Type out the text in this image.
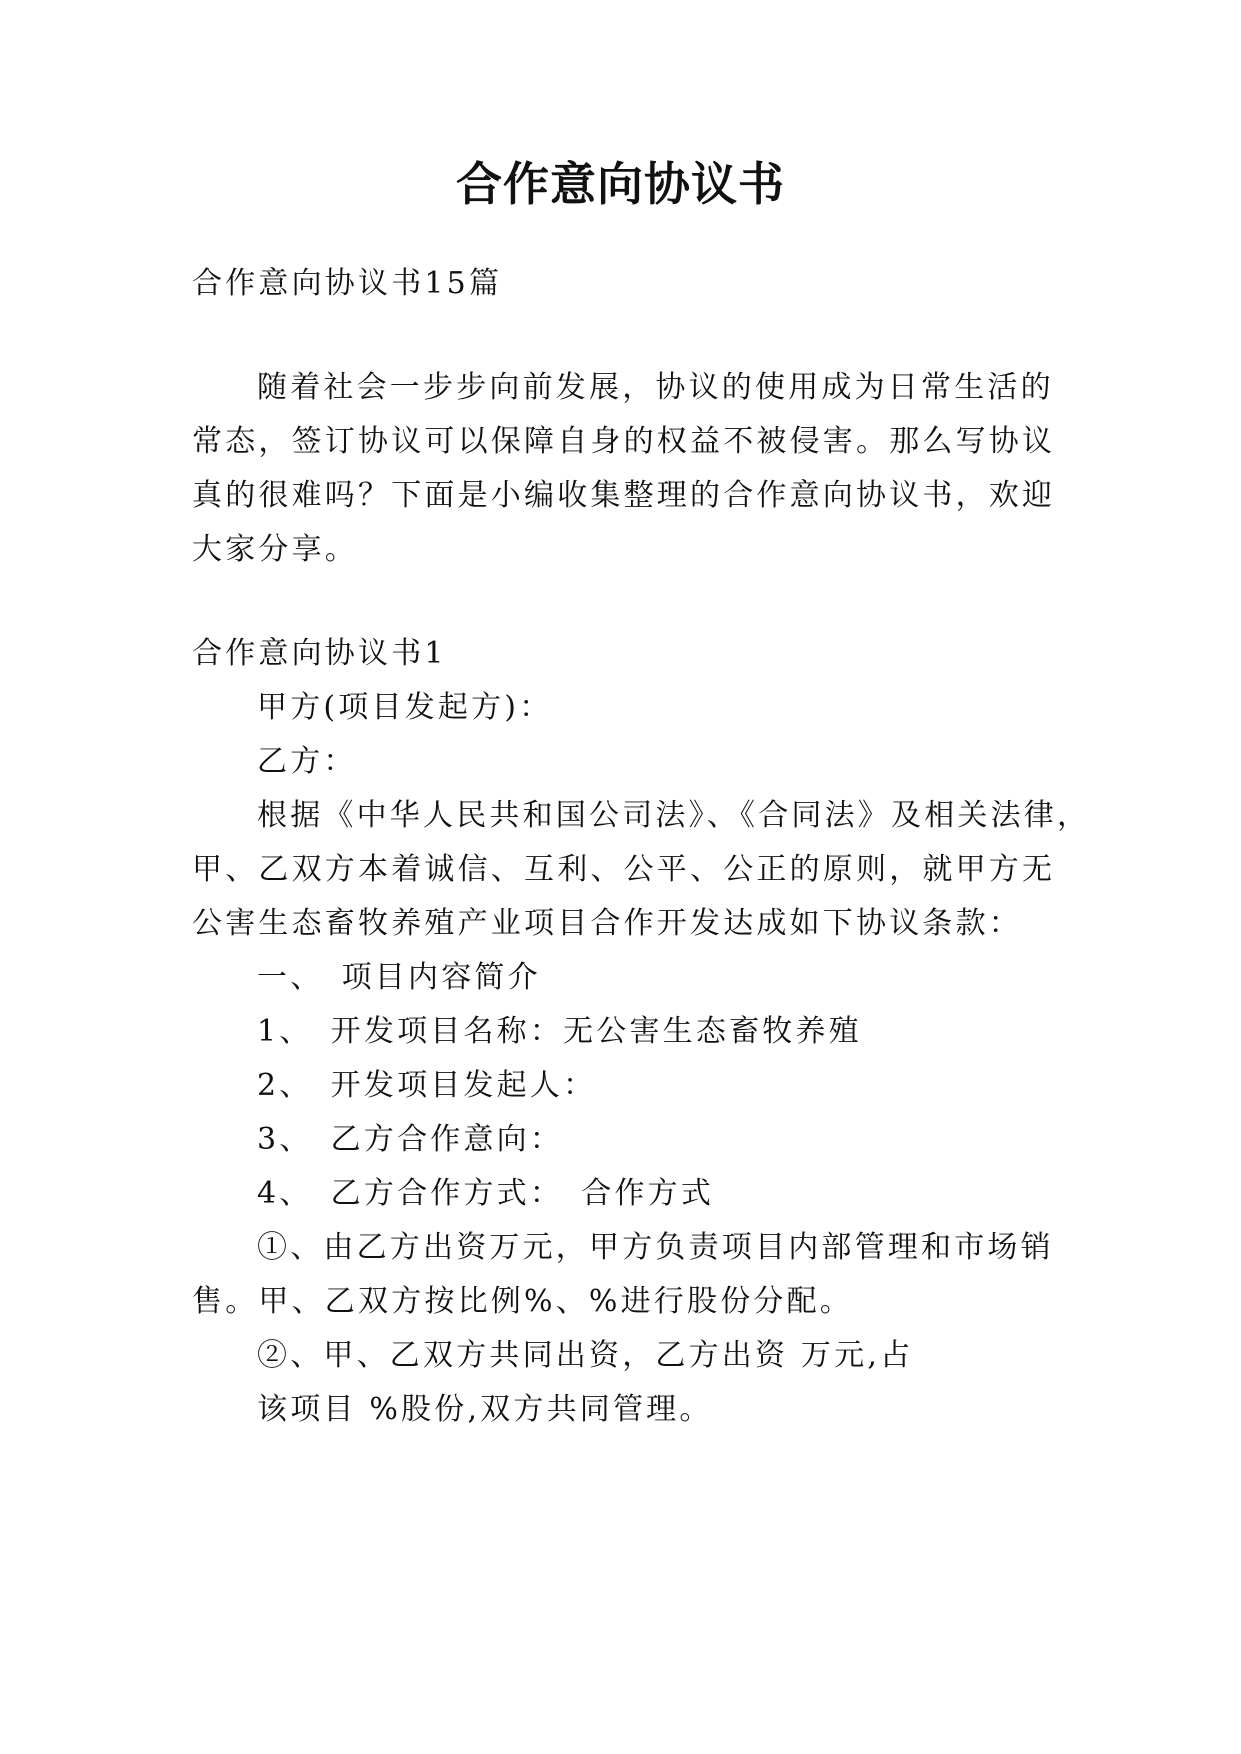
合作意向协议书
合作意向协议书15篇
随着社会一步步向前发展，协议的使用成为日常生活的
常态，签订协议可以保障自身的权益不被侵害。那么写协议
真的很难吗？下面是小编收集整理的合作意向协议书，欢迎
大家分享。
合作意向协议书1
甲方(项目发起方)：
乙方：
根据《中华人民共和国公司法》、《合同法》及相关法律，
甲、乙双方本着诚信、互利、公平、公正的原则，就甲方无
公害生态畜牧养殖产业项目合作开发达成如下协议条款：
一、　项目内容简介
1、　开发项目名称：无公害生态畜牧养殖
2、　开发项目发起人：
3、　乙方合作意向：
4、　乙方合作方式：　合作方式
①、由乙方出资万元，甲方负责项目内部管理和市场销
售。甲、乙双方按比例%、%进行股份分配。
②、甲、乙双方共同出资，乙方出资 万元,占
该项目 %股份,双方共同管理。
